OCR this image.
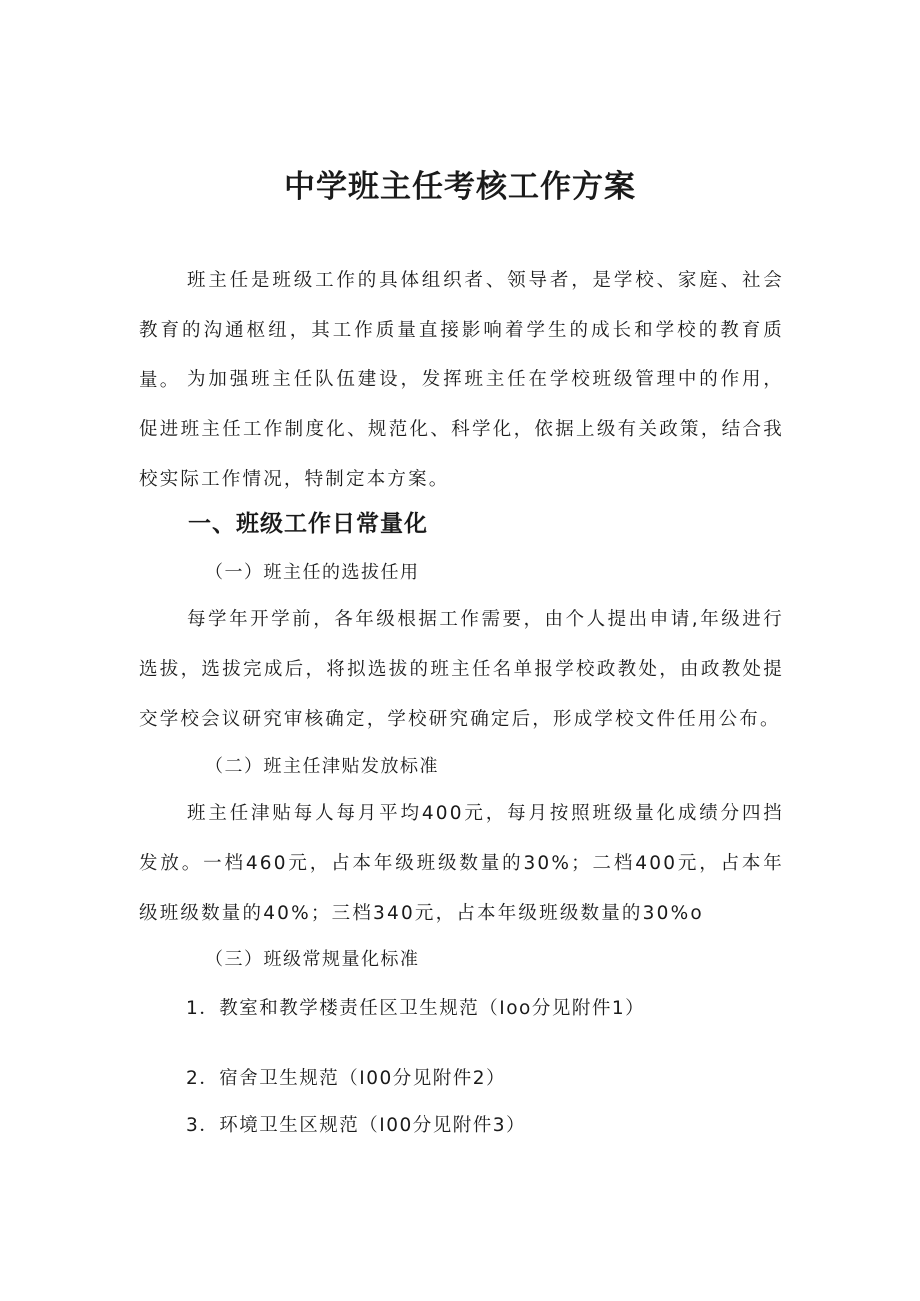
中学班主任考核工作方案

班主任是班级工作的具体组织者、领导者，是学校、家庭、社会教育的沟通枢纽，其工作质量直接影响着学生的成长和学校的教育质量。 为加强班主任队伍建设，发挥班主任在学校班级管理中的作用，促进班主任工作制度化、规范化、科学化，依据上级有关政策，结合我校实际工作情况，特制定本方案。

一、班级工作日常量化
（一）班主任的选拔任用

每学年开学前，各年级根据工作需要，由个人提出申请,年级进行选拔，选拔完成后，将拟选拔的班主任名单报学校政教处，由政教处提交学校会议研究审核确定，学校研究确定后，形成学校文件任用公布。

（二）班主任津贴发放标准

班主任津贴每人每月平均400元，每月按照班级量化成绩分四挡发放。一档460元，占本年级班级数量的30%；二档400元，占本年级班级数量的40%；三档340元，占本年级班级数量的30%o

（三）班级常规量化标准
1．教室和教学楼责任区卫生规范（Ioo分见附件1）
2．宿舍卫生规范（I00分见附件2）
3．环境卫生区规范（I00分见附件3）
